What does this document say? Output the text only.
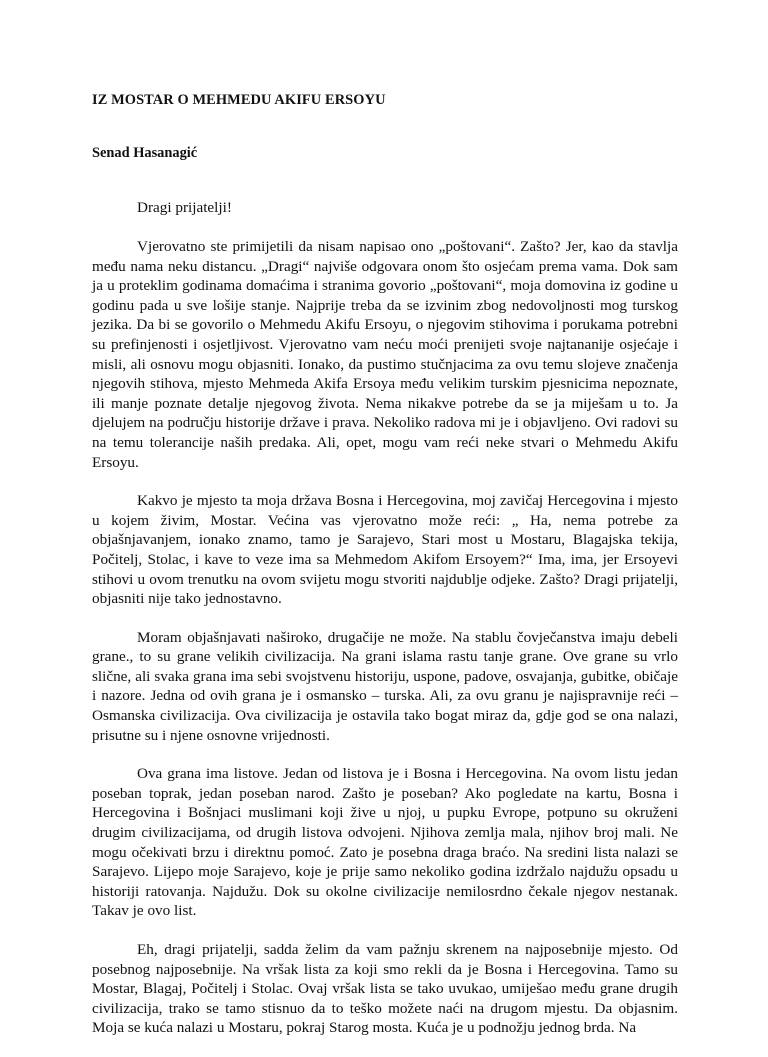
IZ MOSTAR O MEHMEDU AKIFU ERSOYU

Senad Hasanagić

Dragi prijatelji!

Vjerovatno ste primijetili da nisam napisao ono „poštovani“. Zašto? Jer, kao da stavlja među nama neku distancu. „Dragi“ najviše odgovara onom što osjećam prema vama. Dok sam ja u proteklim godinama domaćima i stranima govorio „poštovani“, moja domovina iz godine u godinu pada u sve lošije stanje. Najprije treba da se izvinim zbog nedovoljnosti mog turskog jezika. Da bi se govorilo o Mehmedu Akifu Ersoyu, o njegovim stihovima i porukama potrebni su prefinjenosti i osjetljivost. Vjerovatno vam neću moći prenijeti svoje najtananije osjećaje i misli, ali osnovu mogu objasniti. Ionako, da pustimo stučnjacima za ovu temu slojeve značenja njegovih stihova, mjesto Mehmeda Akifa Ersoya među velikim turskim pjesnicima nepoznate, ili manje poznate detalje njegovog života. Nema nikakve potrebe da se ja miješam u to. Ja djelujem na području historije države i prava. Nekoliko radova mi je i objavljeno. Ovi radovi su na temu tolerancije naših predaka. Ali, opet, mogu vam reći neke stvari o Mehmedu Akifu Ersoyu.

Kakvo je mjesto ta moja država Bosna i Hercegovina, moj zavičaj Hercegovina i mjesto u kojem živim, Mostar. Većina vas vjerovatno može reći: „ Ha, nema potrebe za objašnjavanjem, ionako znamo, tamo je Sarajevo, Stari most u Mostaru, Blagajska tekija, Počitelj, Stolac, i kave to veze ima sa Mehmedom Akifom Ersoyem?“ Ima, ima, jer Ersoyevi stihovi u ovom trenutku na ovom svijetu mogu stvoriti najdublje odjeke. Zašto? Dragi prijatelji, objasniti nije tako jednostavno.

Moram objašnjavati naširoko, drugačije ne može. Na stablu čovječanstva imaju debeli grane., to su grane velikih civilizacija. Na grani islama rastu tanje grane. Ove grane su vrlo slične, ali svaka grana ima sebi svojstvenu historiju, uspone, padove, osvajanja, gubitke, običaje i nazore. Jedna od ovih grana je i osmansko – turska. Ali, za ovu granu je najispravnije reći – Osmanska civilizacija. Ova civilizacija je ostavila tako bogat miraz da, gdje god se ona nalazi, prisutne su i njene osnovne vrijednosti.

Ova grana ima listove. Jedan od listova je i Bosna i Hercegovina. Na ovom listu jedan poseban toprak, jedan poseban narod. Zašto je poseban? Ako pogledate na kartu, Bosna i Hercegovina i Bošnjaci muslimani koji žive u njoj, u pupku Evrope, potpuno su okruženi drugim civilizacijama, od drugih listova odvojeni. Njihova zemlja mala, njihov broj mali. Ne mogu očekivati brzu i direktnu pomoć. Zato je posebna draga braćo. Na sredini lista nalazi se Sarajevo. Lijepo moje Sarajevo, koje je prije samo nekoliko godina izdržalo najdužu opsadu u historiji ratovanja. Najdužu. Dok su okolne civilizacije nemilosrdno čekale njegov nestanak. Takav je ovo list.

Eh, dragi prijatelji, sadda želim da vam pažnju skrenem na najposebnije mjesto. Od posebnog najposebnije. Na vršak lista za koji smo rekli da je Bosna i Hercegovina. Tamo su Mostar, Blagaj, Počitelj i Stolac. Ovaj vršak lista se tako uvukao, umiješao među grane drugih civilizacija, trako se tamo stisnuo da to teško možete naći na drugom mjestu. Da objasnim. Moja se kuća nalazi u Mostaru, pokraj Starog mosta. Kuća je u podnožju jednog brda. Na
